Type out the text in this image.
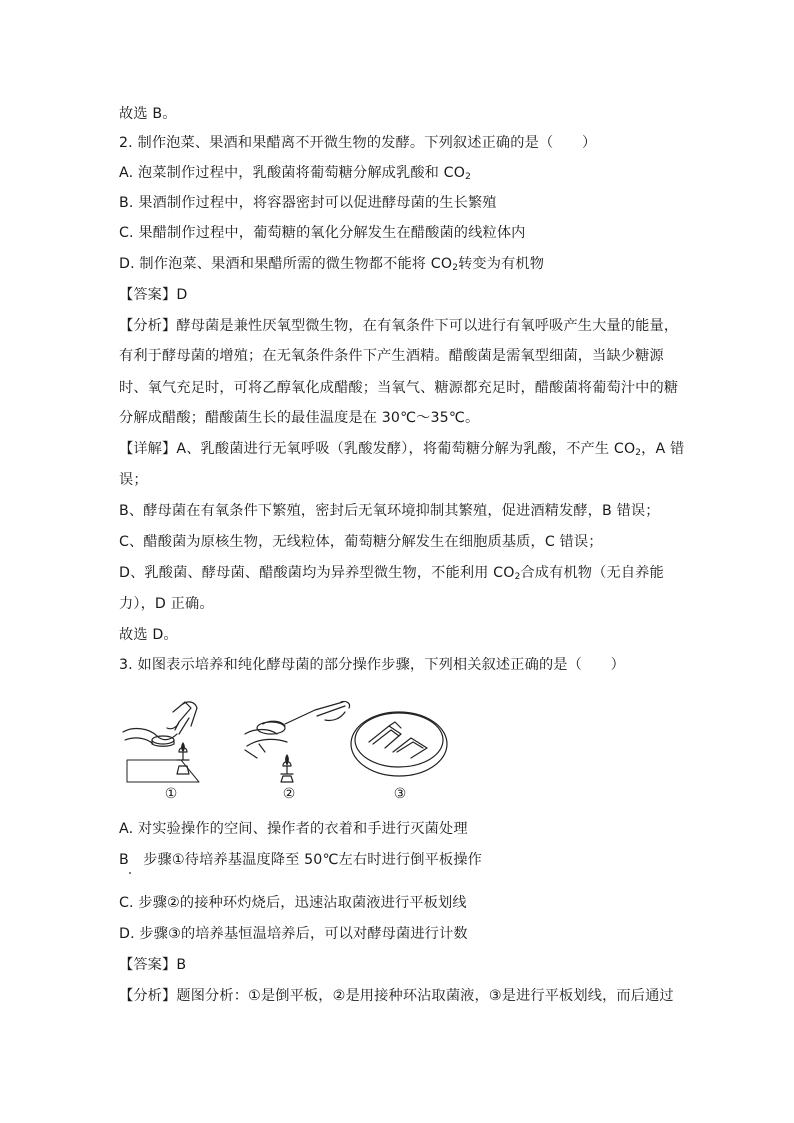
故选 B。
2. 制作泡菜、果酒和果醋离不开微生物的发酵。下列叙述正确的是（　　）
A. 泡菜制作过程中，乳酸菌将葡萄糖分解成乳酸和 $CO_2$
B. 果酒制作过程中，将容器密封可以促进酵母菌的生长繁殖
C. 果醋制作过程中，葡萄糖的氧化分解发生在醋酸菌的线粒体内
D. 制作泡菜、果酒和果醋所需的微生物都不能将 $CO_2$转变为有机物
【答案】D
【分析】酵母菌是兼性厌氧型微生物，在有氧条件下可以进行有氧呼吸产生大量的能量，
有利于酵母菌的增殖；在无氧条件条件下产生酒精。醋酸菌是需氧型细菌，当缺少糖源
时、氧气充足时，可将乙醇氧化成醋酸；当氧气、糖源都充足时，醋酸菌将葡萄汁中的糖
分解成醋酸；醋酸菌生长的最佳温度是在 30℃～35℃。
【详解】A、乳酸菌进行无氧呼吸（乳酸发酵），将葡萄糖分解为乳酸，不产生 $CO_2$，A 错
误；
B、酵母菌在有氧条件下繁殖，密封后无氧环境抑制其繁殖，促进酒精发酵，B 错误；
C、醋酸菌为原核生物，无线粒体，葡萄糖分解发生在细胞质基质，C 错误；
D、乳酸菌、酵母菌、醋酸菌均为异养型微生物，不能利用 $CO_2$合成有机物（无自养能
力），D 正确。
故选 D。
3. 如图表示培养和纯化酵母菌的部分操作步骤，下列相关叙述正确的是（　　）
①	②	③
A. 对实验操作的空间、操作者的衣着和手进行灭菌处理
B　步骤①待培养基温度降至 50℃左右时进行倒平板操作
C. 步骤②的接种环灼烧后，迅速沾取菌液进行平板划线
D. 步骤③的培养基恒温培养后，可以对酵母菌进行计数
【答案】B
【分析】题图分析：①是倒平板，②是用接种环沾取菌液，③是进行平板划线，而后通过
